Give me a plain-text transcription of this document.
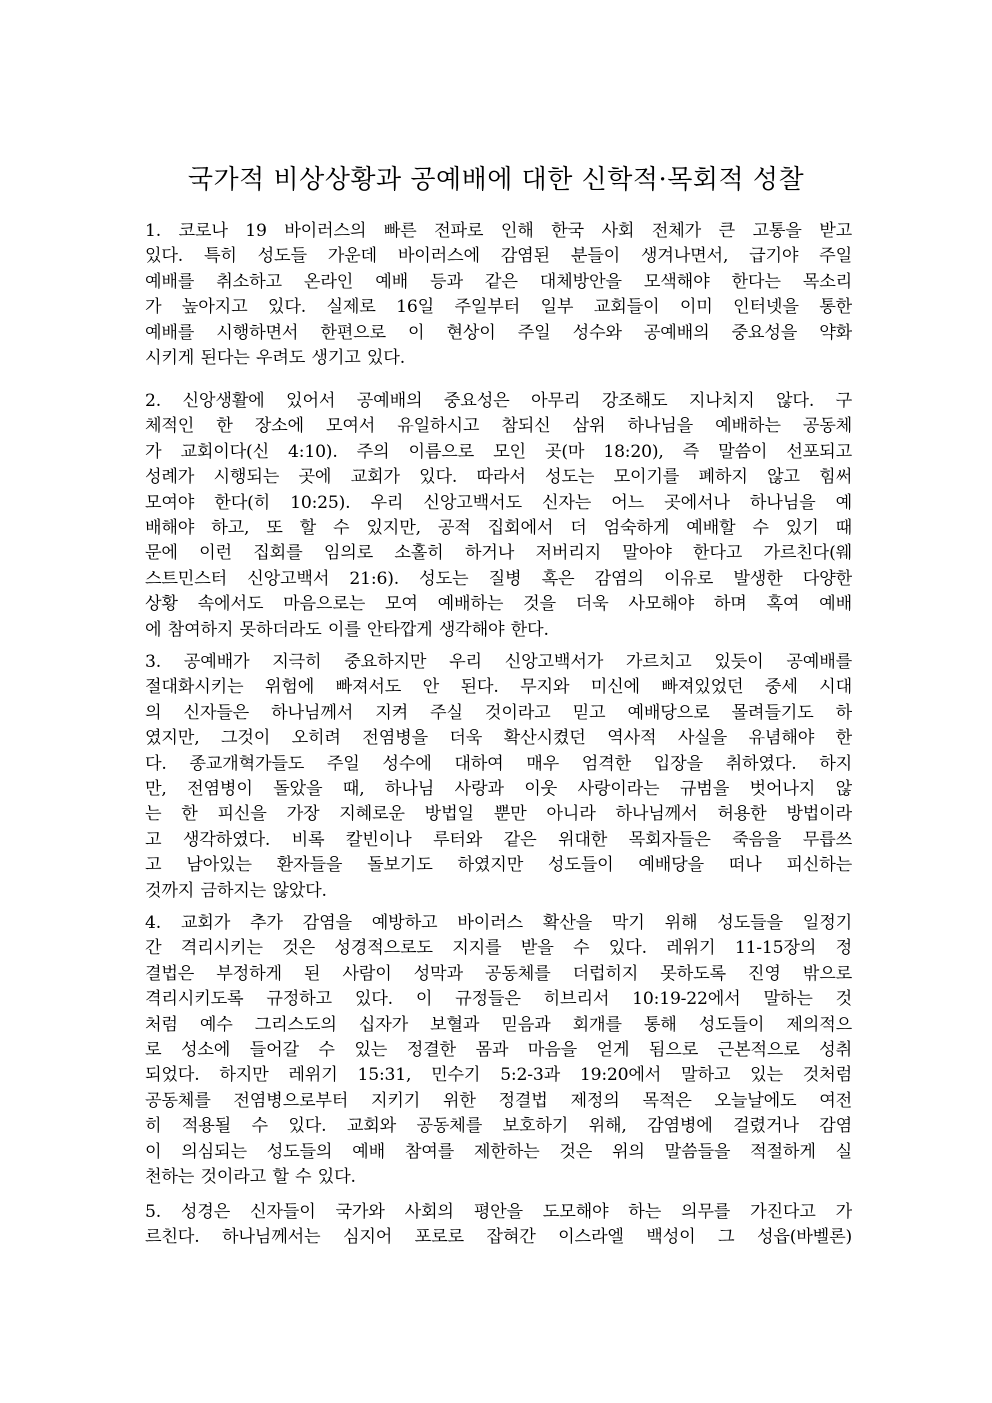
국가적 비상상황과 공예배에 대한 신학적·목회적 성찰
1. 코로나 19 바이러스의 빠른 전파로 인해 한국 사회 전체가 큰 고통을 받고
있다. 특히 성도들 가운데 바이러스에 감염된 분들이 생겨나면서, 급기야 주일
예배를 취소하고 온라인 예배 등과 같은 대체방안을 모색해야 한다는 목소리
가 높아지고 있다. 실제로 16일 주일부터 일부 교회들이 이미 인터넷을 통한
예배를 시행하면서 한편으로 이 현상이 주일 성수와 공예배의 중요성을 약화
시키게 된다는 우려도 생기고 있다.
2. 신앙생활에 있어서 공예배의 중요성은 아무리 강조해도 지나치지 않다. 구
체적인 한 장소에 모여서 유일하시고 참되신 삼위 하나님을 예배하는 공동체
가 교회이다(신 4:10). 주의 이름으로 모인 곳(마 18:20), 즉 말씀이 선포되고
성례가 시행되는 곳에 교회가 있다. 따라서 성도는 모이기를 폐하지 않고 힘써
모여야 한다(히 10:25). 우리 신앙고백서도 신자는 어느 곳에서나 하나님을 예
배해야 하고, 또 할 수 있지만, 공적 집회에서 더 엄숙하게 예배할 수 있기 때
문에 이런 집회를 임의로 소홀히 하거나 저버리지 말아야 한다고 가르친다(웨
스트민스터 신앙고백서 21:6). 성도는 질병 혹은 감염의 이유로 발생한 다양한
상황 속에서도 마음으로는 모여 예배하는 것을 더욱 사모해야 하며 혹여 예배
에 참여하지 못하더라도 이를 안타깝게 생각해야 한다.
3. 공예배가 지극히 중요하지만 우리 신앙고백서가 가르치고 있듯이 공예배를
절대화시키는 위험에 빠져서도 안 된다. 무지와 미신에 빠져있었던 중세 시대
의 신자들은 하나님께서 지켜 주실 것이라고 믿고 예배당으로 몰려들기도 하
였지만, 그것이 오히려 전염병을 더욱 확산시켰던 역사적 사실을 유념해야 한
다. 종교개혁가들도 주일 성수에 대하여 매우 엄격한 입장을 취하였다. 하지
만, 전염병이 돌았을 때, 하나님 사랑과 이웃 사랑이라는 규범을 벗어나지 않
는 한 피신을 가장 지혜로운 방법일 뿐만 아니라 하나님께서 허용한 방법이라
고 생각하였다. 비록 칼빈이나 루터와 같은 위대한 목회자들은 죽음을 무릅쓰
고 남아있는 환자들을 돌보기도 하였지만 성도들이 예배당을 떠나 피신하는
것까지 금하지는 않았다.
4. 교회가 추가 감염을 예방하고 바이러스 확산을 막기 위해 성도들을 일정기
간 격리시키는 것은 성경적으로도 지지를 받을 수 있다. 레위기 11-15장의 정
결법은 부정하게 된 사람이 성막과 공동체를 더럽히지 못하도록 진영 밖으로
격리시키도록 규정하고 있다. 이 규정들은 히브리서 10:19-22에서 말하는 것
처럼 예수 그리스도의 십자가 보혈과 믿음과 회개를 통해 성도들이 제의적으
로 성소에 들어갈 수 있는 정결한 몸과 마음을 얻게 됨으로 근본적으로 성취
되었다. 하지만 레위기 15:31, 민수기 5:2-3과 19:20에서 말하고 있는 것처럼
공동체를 전염병으로부터 지키기 위한 정결법 제정의 목적은 오늘날에도 여전
히 적용될 수 있다. 교회와 공동체를 보호하기 위해, 감염병에 걸렸거나 감염
이 의심되는 성도들의 예배 참여를 제한하는 것은 위의 말씀들을 적절하게 실
천하는 것이라고 할 수 있다.
5. 성경은 신자들이 국가와 사회의 평안을 도모해야 하는 의무를 가진다고 가
르친다. 하나님께서는 심지어 포로로 잡혀간 이스라엘 백성이 그 성읍(바벨론)
